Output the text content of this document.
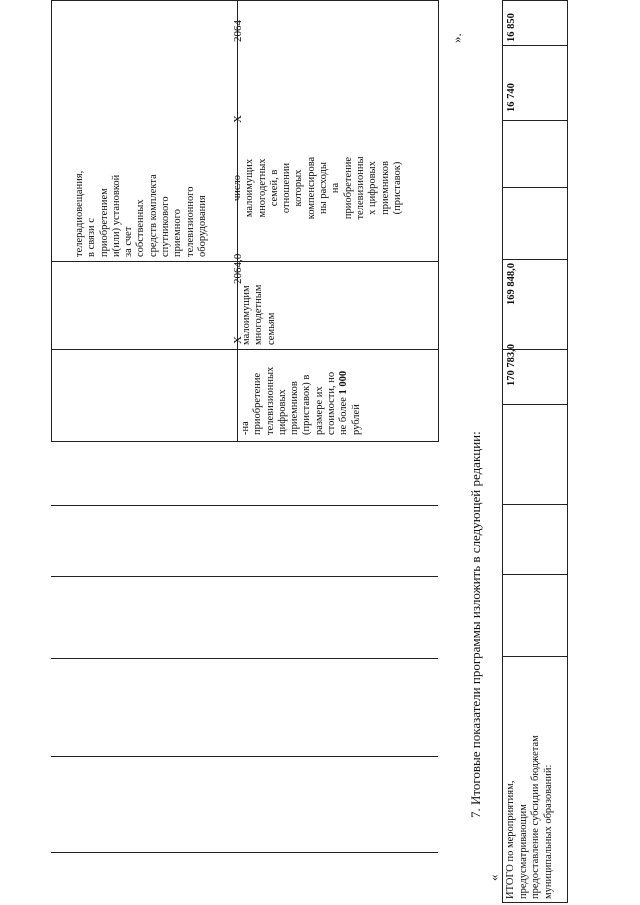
телерадиовещания,
в связи с
приобретением
и(или) установкой
за счет
собственных
средств комплекта
спутникового
приемного
телевизионного
оборудования
-на
приобретение
телевизионных
цифровых
приемников
(приставок) в
размере их
стоимости, но
не более 1 000
рублей
малоимущим
многодетным
семьям
X
2064,0
число
малоимущих
многодетных
семей, в
отношении
которых
компенсирова
ны расходы
на
приобретение
телевизионны
х цифровых
приемников
(приставок)
X
2064	».
7. Итоговые показатели программы изложить в следующей редакции:
« ИТОГО по мероприятиям,
предусматривающим
предоставление субсидии бюджетам
муниципальных образований:
170 783,0
169 848,0
16 740
16 850
